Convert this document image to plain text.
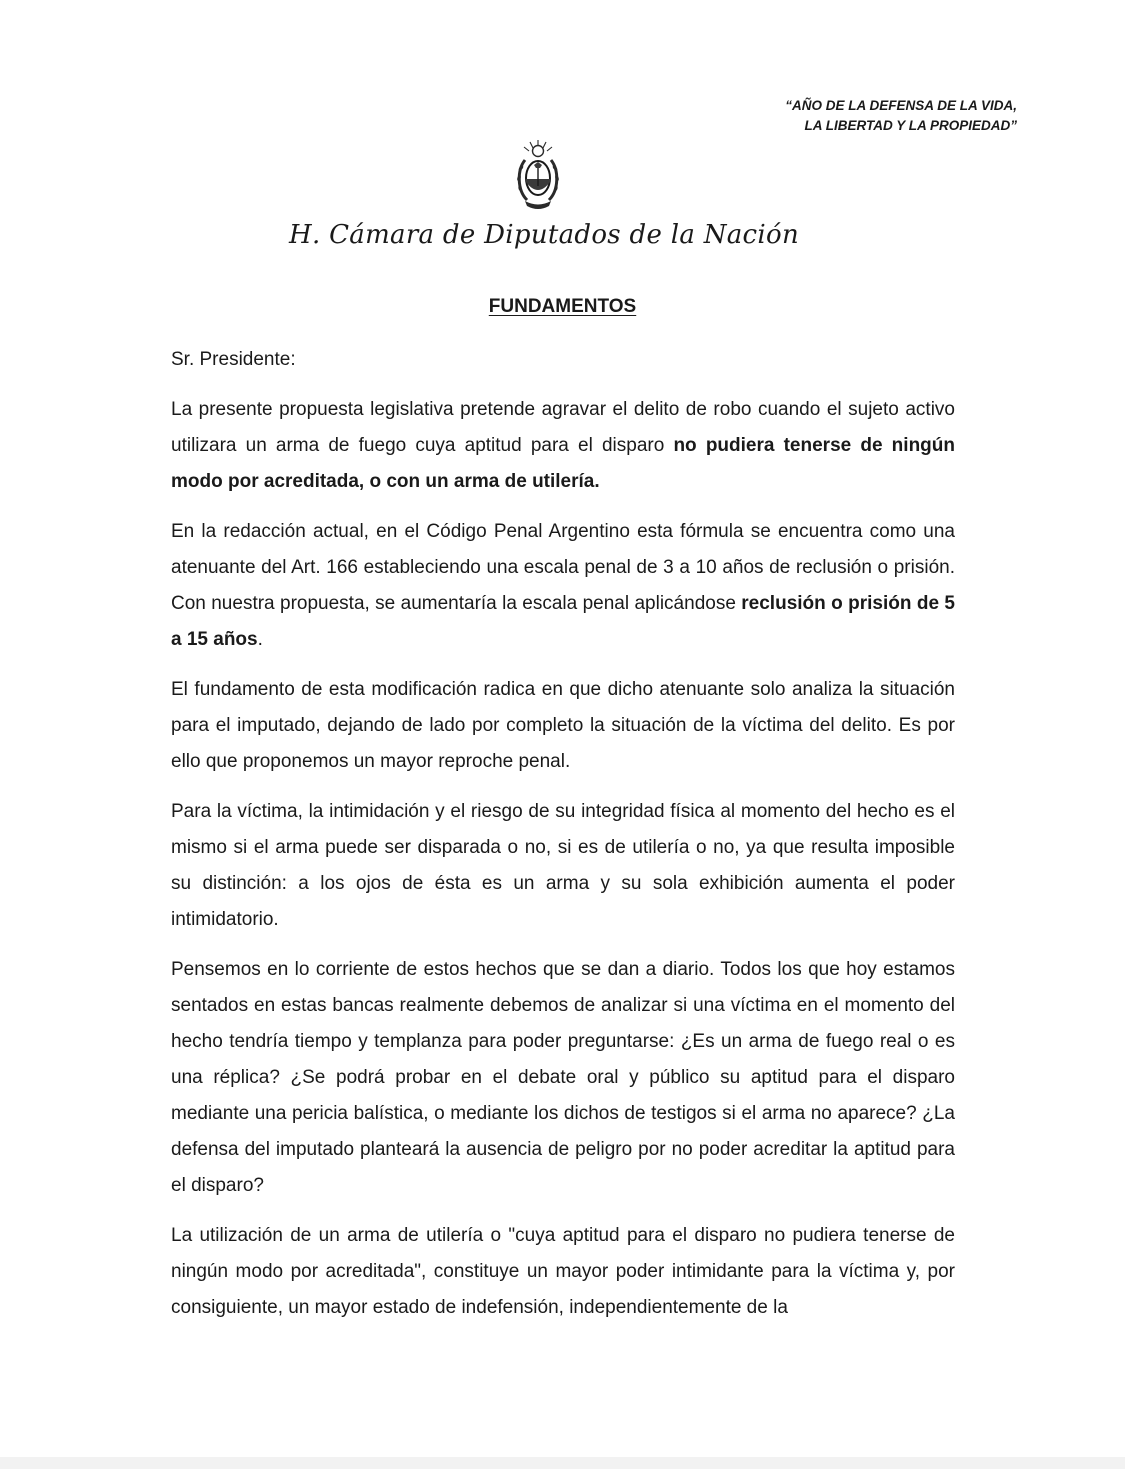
“AÑO DE LA DEFENSA DE LA VIDA,
LA LIBERTAD Y LA PROPIEDAD”
H. Cámara de Diputados de la Nación
FUNDAMENTOS

Sr. Presidente:

La presente propuesta legislativa pretende agravar el delito de robo cuando el sujeto activo utilizara un arma de fuego cuya aptitud para el disparo no pudiera tenerse de ningún modo por acreditada, o con un arma de utilería.

En la redacción actual, en el Código Penal Argentino esta fórmula se encuentra como una atenuante del Art. 166 estableciendo una escala penal de 3 a 10 años de reclusión o prisión. Con nuestra propuesta, se aumentaría la escala penal aplicándose reclusión o prisión de 5 a 15 años.

El fundamento de esta modificación radica en que dicho atenuante solo analiza la situación para el imputado, dejando de lado por completo la situación de la víctima del delito. Es por ello que proponemos un mayor reproche penal.

Para la víctima, la intimidación y el riesgo de su integridad física al momento del hecho es el mismo si el arma puede ser disparada o no, si es de utilería o no, ya que resulta imposible su distinción: a los ojos de ésta es un arma y su sola exhibición aumenta el poder intimidatorio.

Pensemos en lo corriente de estos hechos que se dan a diario. Todos los que hoy estamos sentados en estas bancas realmente debemos de analizar si una víctima en el momento del hecho tendría tiempo y templanza para poder preguntarse: ¿Es un arma de fuego real o es una réplica? ¿Se podrá probar en el debate oral y público su aptitud para el disparo mediante una pericia balística, o mediante los dichos de testigos si el arma no aparece? ¿La defensa del imputado planteará la ausencia de peligro por no poder acreditar la aptitud para el disparo?

La utilización de un arma de utilería o "cuya aptitud para el disparo no pudiera tenerse de ningún modo por acreditada", constituye un mayor poder intimidante para la víctima y, por consiguiente, un mayor estado de indefensión, independientemente de la
